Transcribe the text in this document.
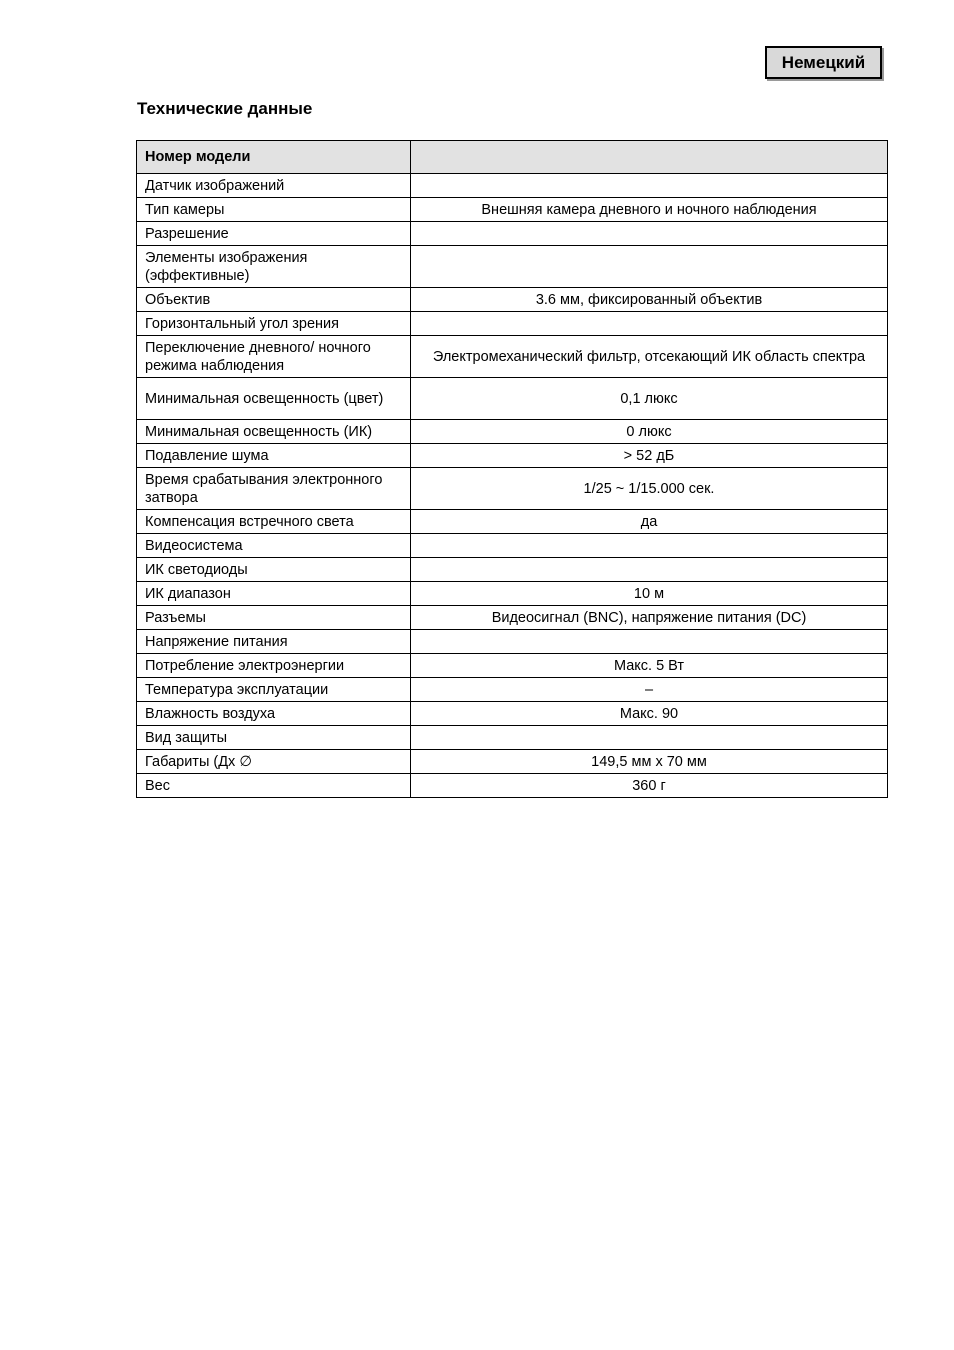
Немецкий
Технические данные
Номер модели	
Датчик изображений	
Тип камеры	Внешняя камера дневного и ночного наблюдения
Разрешение	
Элементы изображения (эффективные)	
Объектив	3.6 мм, фиксированный объектив
Горизонтальный угол зрения	
Переключение дневного/ ночного режима наблюдения	Электромеханический фильтр, отсекающий ИК область спектра
Минимальная освещенность (цвет)	0,1 люкс
Минимальная освещенность (ИК)	0 люкс
Подавление шума	> 52 дБ
Время срабатывания электронного затвора	1/25 ~ 1/15.000 сек.
Компенсация встречного света	да
Видеосистема	
ИК светодиоды	
ИК диапазон	10 м
Разъемы	Видеосигнал (BNC), напряжение питания (DC)
Напряжение питания	
Потребление электроэнергии	Макс. 5 Вт
Температура эксплуатации	–
Влажность воздуха	Макс. 90
Вид защиты	
Габариты (Дх ∅	149,5 мм x 70 мм
Вес	360 г
